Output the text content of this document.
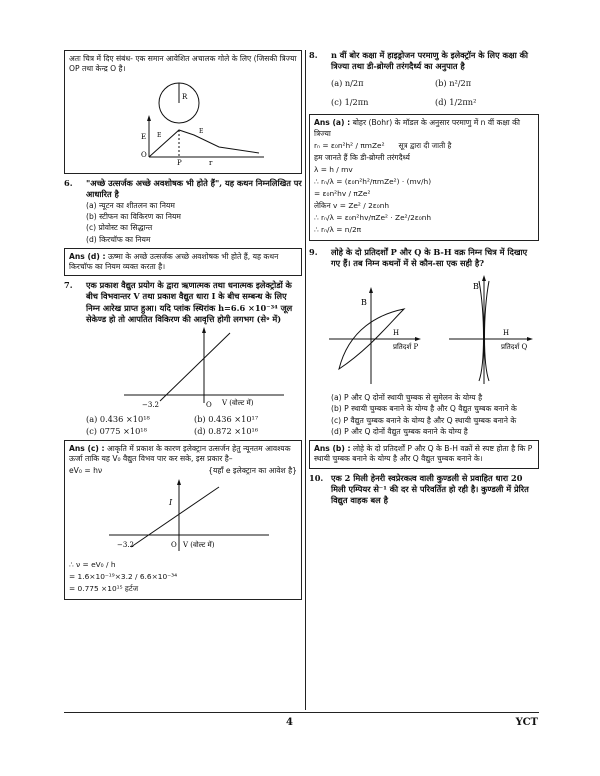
अतः चित्र में दिए संबंध- एक समान आवेशित अचालक गोले के लिए (जिसकी त्रिज्या OP तथा केन्द्र O है।
R
O
E
P
E
E
r
6.	"अच्छे उत्सर्जक अच्छे अवशोषक भी होते हैं", यह कथन निम्नलिखित पर आधारित है
(a) न्यूटन का शीतलन का नियम
(b) स्टीफन का विकिरण का नियम
(c) प्रोवोस्ट का सिद्धान्त
(d) किरचॉफ का नियम
Ans (d) : ऊष्मा के अच्छे उत्सर्जक अच्छे अवशोषक भी होते हैं, यह कथन किरचॉफ का नियम व्यक्त करता है।
7.	एक प्रकाश वैद्युत प्रयोग के द्वारा ऋणात्मक तथा धनात्मक इलेक्ट्रोडों के बीच विभवान्तर V तथा प्रकाश वैद्युत धारा I के बीच सम्बन्ध के लिए निम्न आरेख प्राप्त हुआ। यदि प्लांक स्थिरांक h=6.6 ×10⁻³⁴ जूल सेकेण्ड हो तो आपतित विकिरण की आवृत्ति होगी लगभग (से॰ में)
V (वोल्ट में)
−3.2	O
(a) 0.436 ×10¹⁸	(b) 0.436 ×10¹⁷
(c) 0775 ×10¹⁸	(d) 0.872 ×10¹⁶
Ans (c) : आकृति में प्रकाश के कारण इलेक्ट्रान उत्सर्जन हेतु न्यूनतम आवश्यक ऊर्जा ताकि यह V₀ वैद्युत विभव पार कर सके, इस प्रकार है–
eV₀ = hν	{यहाँ e इलेक्ट्रान का आवेश है}
I
V (वोल्ट में)
−3.2	O
∴ ν = eV₀ / h
= 1.6×10⁻¹⁹×3.2 / 6.6×10⁻³⁴
= 0.775 ×10¹⁵ हर्टज
8.	n वीं बोर कक्षा में हाइड्रोजन परमाणु के इलेक्ट्रॉन के लिए कक्षा की त्रिज्या तथा डी-ब्रोग्ली तरंगदैर्ध्य का अनुपात है
(a) n/2π	(b) n²/2π
(c) 1/2πn	(d) 1/2πn²
Ans (a) : बोहर (Bohr) के मॉडल के अनुसार परमाणु में n वीं कक्षा की त्रिज्या
rₙ = ε₀n²h² / πmZe² सूत्र द्वारा दी जाती है
हम जानते हैं कि डी-ब्रोग्ली तरंगदैर्ध्य
λ = h / mv
∴ rₙ/λ = (ε₀n²h²/πmZe²) · (mv/h)
= ε₀n²hv / πZe²
लेकिन v = Ze² / 2ε₀nh
∴ rₙ/λ = ε₀n²hv/πZe² · Ze²/2ε₀nh
∴ rₙ/λ = n/2π
9.	लोहे के दो प्रतिदर्शों P और Q के B-H वक्र निम्न चित्र में दिखाए गए हैं। तब निम्न कथनों में से कौन-सा एक सही है?
B
H
प्रतिदर्श P
H
प्रतिदर्श Q
B
(a) P और Q दोनों स्थायी चुम्बक से सुमेलन के योग्य है
(b) P स्थायी चुम्बक बनाने के योग्य है और Q वैद्युत चुम्बक बनाने के
(c) P वैद्युत चुम्बक बनाने के योग्य है और Q स्थायी चुम्बक बनाने के
(d) P और Q दोनों वैद्युत चुम्बक बनाने के योग्य है
Ans (b) : लोहे के दो प्रतिदर्शों P और Q के B-H वक्रों से स्पष्ट होता है कि P स्थायी चुम्बक बनाने के योग्य है और Q वैद्युत चुम्बक बनाने के।
10. एक 2 मिली हेनरी स्वप्रेरकत्व वाली कुण्डली से प्रवाहित धारा 20 मिली एम्पियर से⁻¹ की दर से परिवर्तित हो रही है। कुण्डली में प्रेरित विद्युत वाहक बल है
4	YCT
